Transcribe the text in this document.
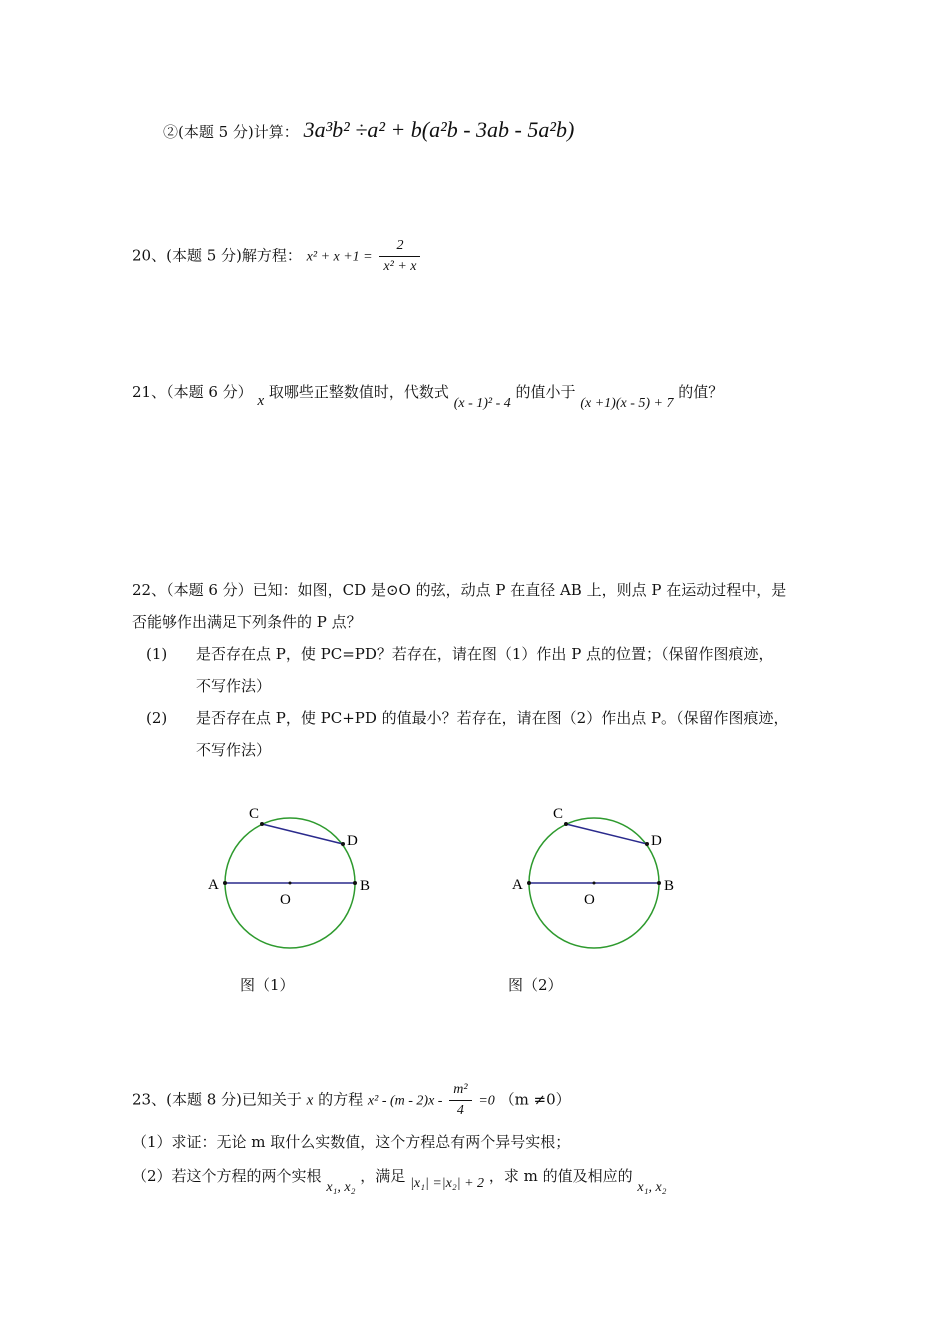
②(本题 5 分)计算： 3a³b² ÷a² + b(a²b - 3ab - 5a²b)
20、(本题 5 分)解方程： $x^2 + x +1 = \frac{2}{\text{x² + x}}$
21、（本题 6 分） x 取哪些正整数值时，代数式 (x - 1)² - 4 的值小于 (x +1)(x - 5) + 7 的值？
22、（本题 6 分）已知：如图，CD 是⊙O 的弦，动点 P 在直径 AB 上，则点 P 在运动过程中，是
否能够作出满足下列条件的 P 点？
(1) 是否存在点 P，使 PC=PD？若存在，请在图（1）作出 P 点的位置；（保留作图痕迹，
不写作法）
(2) 是否存在点 P，使 PC+PD 的值最小？若存在，请在图（2）作出点 P。（保留作图痕迹，
不写作法）
C
D
A	B
O
图（1）
C
D
A	B
O
图（2）
23、(本题 8 分)已知关于 x 的方程 $x^2 - (m - 2)x - \frac{\text{m²}}{4} =0$ （m ≠0）
（1）求证：无论 m 取什么实数值，这个方程总有两个异号实根；
（2）若这个方程的两个实根 x₁, x₂ ，满足 |x₁| =|x₂| + 2 ，求 m 的值及相应的 x₁, x₂
